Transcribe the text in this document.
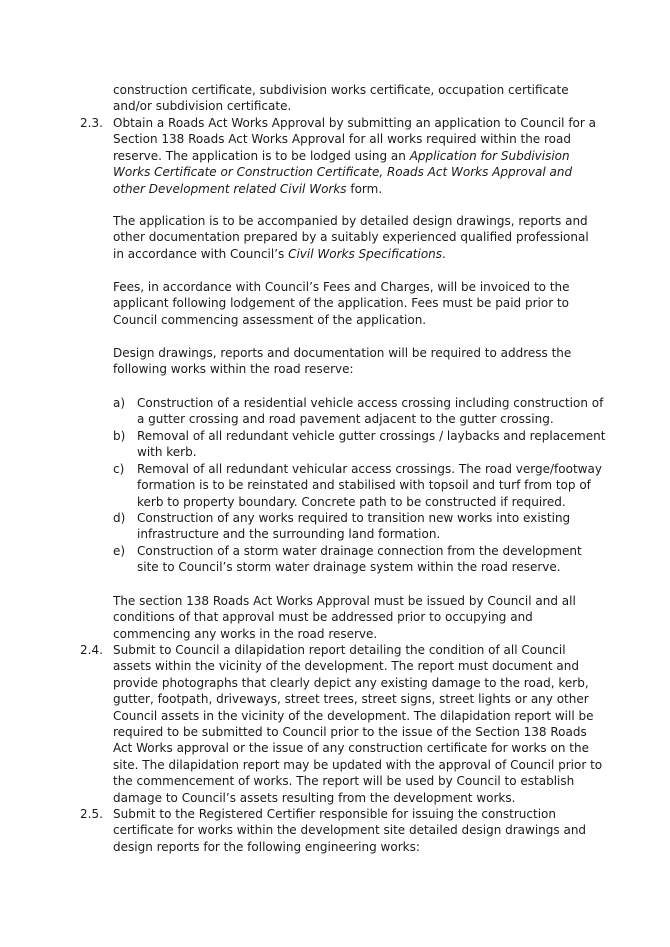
construction certificate, subdivision works certificate, occupation certificate and/or subdivision certificate.

2.3. Obtain a Roads Act Works Approval by submitting an application to Council for a Section 138 Roads Act Works Approval for all works required within the road reserve. The application is to be lodged using an Application for Subdivision Works Certificate or Construction Certificate, Roads Act Works Approval and other Development related Civil Works form.

The application is to be accompanied by detailed design drawings, reports and other documentation prepared by a suitably experienced qualified professional in accordance with Council’s Civil Works Specifications.

Fees, in accordance with Council’s Fees and Charges, will be invoiced to the applicant following lodgement of the application. Fees must be paid prior to Council commencing assessment of the application.

Design drawings, reports and documentation will be required to address the following works within the road reserve:

a) Construction of a residential vehicle access crossing including construction of a gutter crossing and road pavement adjacent to the gutter crossing.

b) Removal of all redundant vehicle gutter crossings / laybacks and replacement with kerb.

c) Removal of all redundant vehicular access crossings. The road verge/footway formation is to be reinstated and stabilised with topsoil and turf from top of kerb to property boundary. Concrete path to be constructed if required.

d) Construction of any works required to transition new works into existing infrastructure and the surrounding land formation.

e) Construction of a storm water drainage connection from the development site to Council’s storm water drainage system within the road reserve.

The section 138 Roads Act Works Approval must be issued by Council and all conditions of that approval must be addressed prior to occupying and commencing any works in the road reserve.

2.4. Submit to Council a dilapidation report detailing the condition of all Council assets within the vicinity of the development. The report must document and provide photographs that clearly depict any existing damage to the road, kerb, gutter, footpath, driveways, street trees, street signs, street lights or any other Council assets in the vicinity of the development. The dilapidation report will be required to be submitted to Council prior to the issue of the Section 138 Roads Act Works approval or the issue of any construction certificate for works on the site. The dilapidation report may be updated with the approval of Council prior to the commencement of works. The report will be used by Council to establish damage to Council’s assets resulting from the development works.

2.5. Submit to the Registered Certifier responsible for issuing the construction certificate for works within the development site detailed design drawings and design reports for the following engineering works:
